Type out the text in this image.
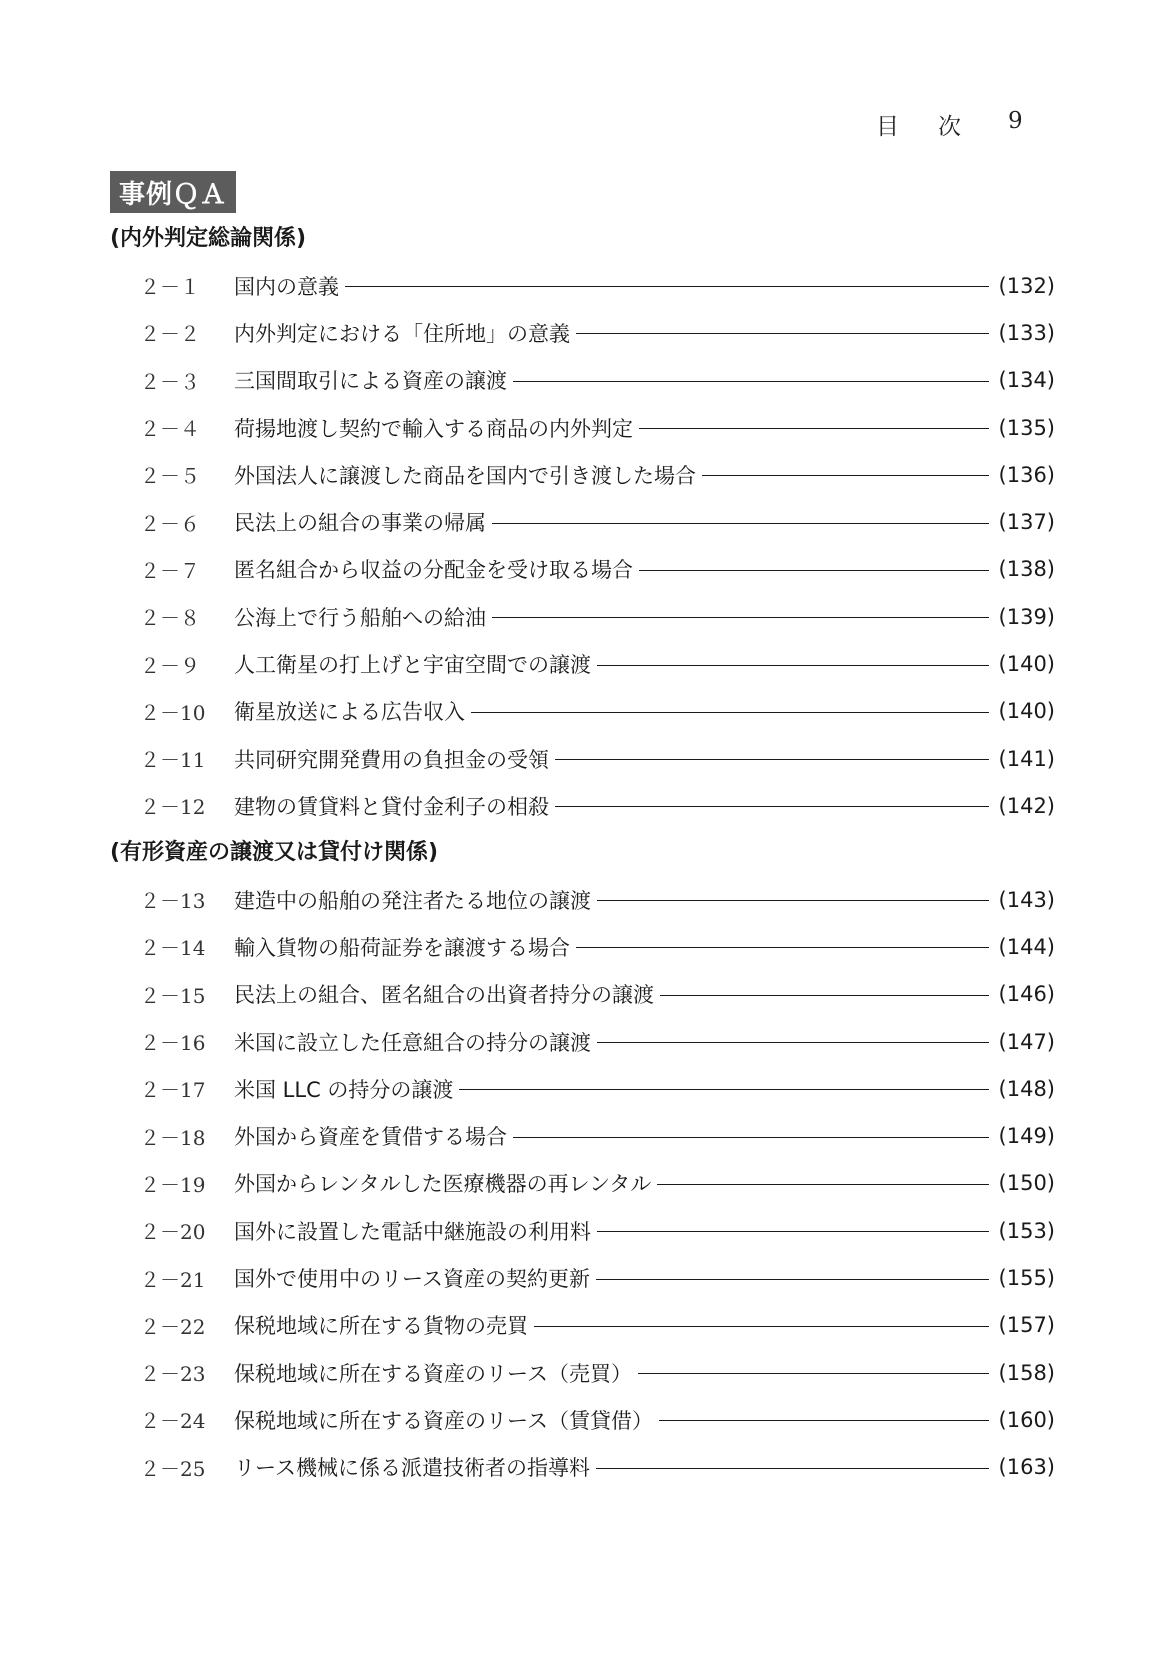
目 次 9
事例ＱＡ
(内外判定総論関係)
２－１	国内の意義	(132)
２－２	内外判定における「住所地」の意義	(133)
２－３	三国間取引による資産の譲渡	(134)
２－４	荷揚地渡し契約で輸入する商品の内外判定	(135)
２－５	外国法人に譲渡した商品を国内で引き渡した場合	(136)
２－６	民法上の組合の事業の帰属	(137)
２－７	匿名組合から収益の分配金を受け取る場合	(138)
２－８	公海上で行う船舶への給油	(139)
２－９	人工衛星の打上げと宇宙空間での譲渡	(140)
２－10	衛星放送による広告収入	(140)
２－11	共同研究開発費用の負担金の受領	(141)
２－12	建物の賃貸料と貸付金利子の相殺	(142)
(有形資産の譲渡又は貸付け関係)
２－13	建造中の船舶の発注者たる地位の譲渡	(143)
２－14	輸入貨物の船荷証券を譲渡する場合	(144)
２－15	民法上の組合、匿名組合の出資者持分の譲渡	(146)
２－16	米国に設立した任意組合の持分の譲渡	(147)
２－17	米国 LLC の持分の譲渡	(148)
２－18	外国から資産を賃借する場合	(149)
２－19	外国からレンタルした医療機器の再レンタル	(150)
２－20	国外に設置した電話中継施設の利用料	(153)
２－21	国外で使用中のリース資産の契約更新	(155)
２－22	保税地域に所在する貨物の売買	(157)
２－23	保税地域に所在する資産のリース（売買）	(158)
２－24	保税地域に所在する資産のリース（賃貸借）	(160)
２－25	リース機械に係る派遣技術者の指導料	(163)
